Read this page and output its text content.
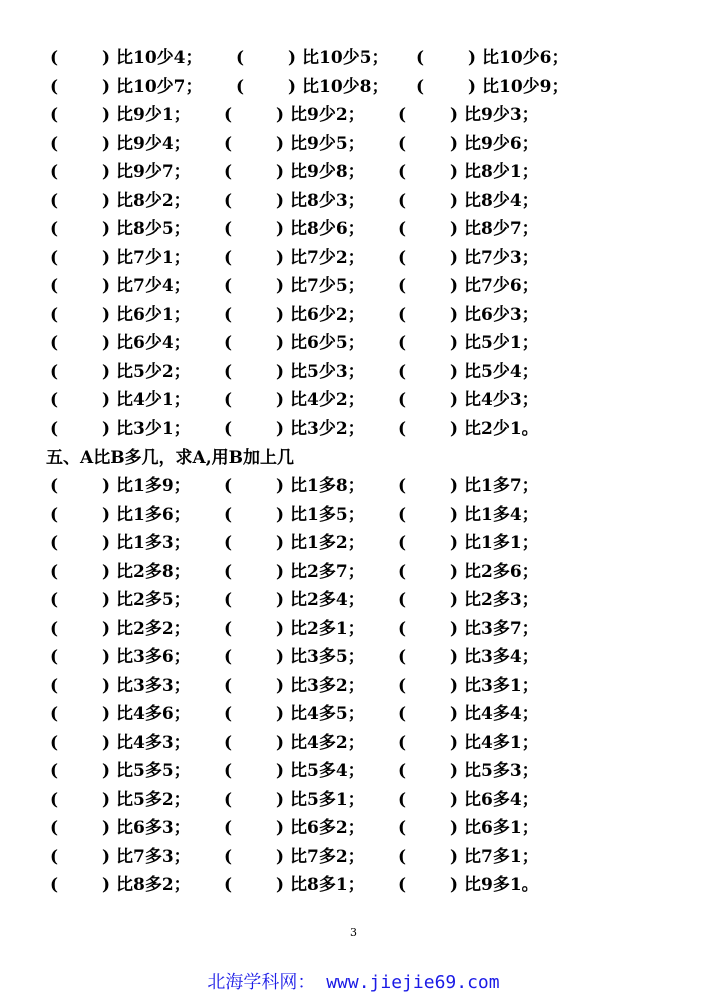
(	) 比10少4； (	) 比10少5； (	) 比10少6；
(	) 比10少7； (	) 比10少8； (	) 比10少9；
(	) 比9少1； (	) 比9少2； (	) 比9少3；
(	) 比9少4； (	) 比9少5； (	) 比9少6；
(	) 比9少7； (	) 比9少8； (	) 比8少1；
(	) 比8少2； (	) 比8少3； (	) 比8少4；
(	) 比8少5； (	) 比8少6； (	) 比8少7；
(	) 比7少1； (	) 比7少2； (	) 比7少3；
(	) 比7少4； (	) 比7少5； (	) 比7少6；
(	) 比6少1； (	) 比6少2； (	) 比6少3；
(	) 比6少4； (	) 比6少5； (	) 比5少1；
(	) 比5少2； (	) 比5少3； (	) 比5少4；
(	) 比4少1； (	) 比4少2； (	) 比4少3；
(	) 比3少1； (	) 比3少2； (	) 比2少1。
五、A比B多几，求A,用B加上几
(	) 比1多9； (	) 比1多8； (	) 比1多7；
(	) 比1多6； (	) 比1多5； (	) 比1多4；
(	) 比1多3； (	) 比1多2； (	) 比1多1；
(	) 比2多8； (	) 比2多7； (	) 比2多6；
(	) 比2多5； (	) 比2多4； (	) 比2多3；
(	) 比2多2； (	) 比2多1； (	) 比3多7；
(	) 比3多6； (	) 比3多5； (	) 比3多4；
(	) 比3多3； (	) 比3多2； (	) 比3多1；
(	) 比4多6； (	) 比4多5； (	) 比4多4；
(	) 比4多3； (	) 比4多2； (	) 比4多1；
(	) 比5多5； (	) 比5多4； (	) 比5多3；
(	) 比5多2； (	) 比5多1； (	) 比6多4；
(	) 比6多3； (	) 比6多2； (	) 比6多1；
(	) 比7多3； (	) 比7多2； (	) 比7多1；
(	) 比8多2； (	) 比8多1； (	) 比9多1。
3
北海学科网： www.jiejie69.com
